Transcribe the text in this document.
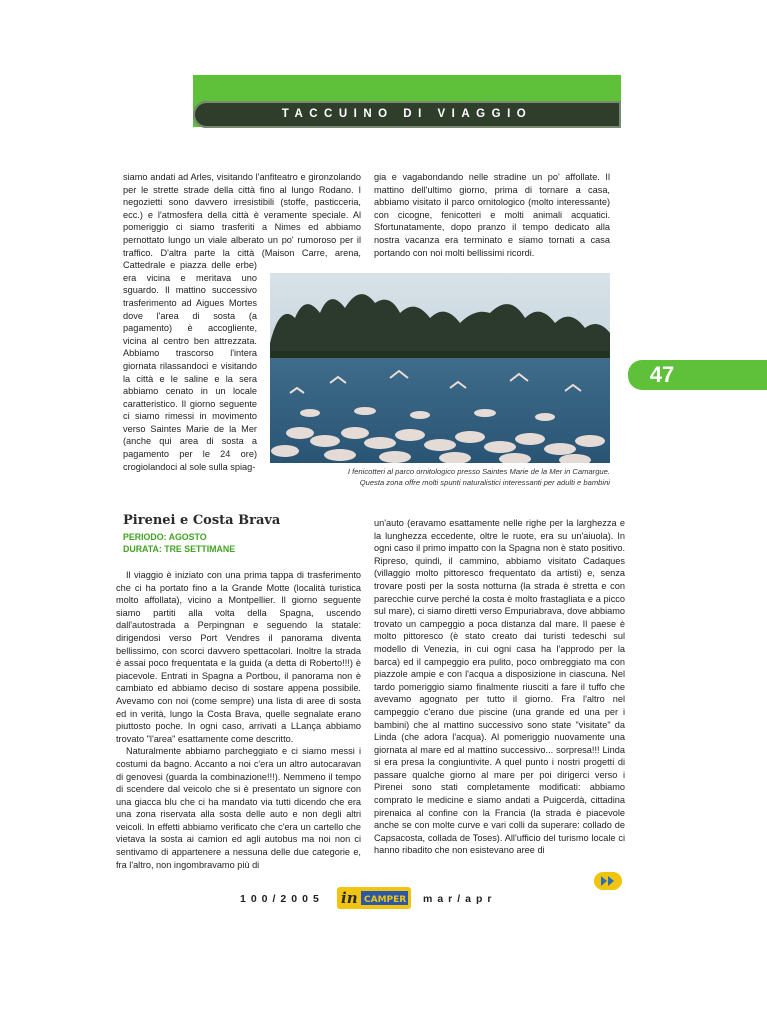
TACCUINO DI VIAGGIO
47

siamo andati ad Arles, visitando l'anfiteatro e gironzolando per le strette strade della città fino al lungo Rodano. I negozietti sono davvero irresistibili (stoffe, pasticceria, ecc.) e l'atmosfera della città è veramente speciale. Al pomeriggio ci siamo trasferiti a Nimes ed abbiamo pernottato lungo un viale alberato un po' rumoroso per il traffico. D'altra parte la città (Maison Carre, arena, Cattedrale e piazza delle erbe) era vicina e meritava uno sguardo. Il mattino successivo trasferimento ad Aigues Mortes dove l'area di sosta (a pagamento) è accogliente, vicina al centro ben attrezzata. Abbiamo trascorso l'intera giornata rilassandoci e visitando la città e le saline e la sera abbiamo cenato in un locale caratteristico. Il giorno seguente ci siamo rimessi in movimento verso Saintes Marie de la Mer (anche qui area di sosta a pagamento per le 24 ore) crogiolandoci al sole sulla spiag-

gia e vagabondando nelle stradine un po' affollate. Il mattino dell'ultimo giorno, prima di tornare a casa, abbiamo visitato il parco ornitologico (molto interessante) con cicogne, fenicotteri e molti animali acquatici. Sfortunatamente, dopo pranzo il tempo dedicato alla nostra vacanza era terminato e siamo tornati a casa portando con noi molti bellissimi ricordi.

I fenicotteri al parco ornitologico presso Saintes Marie de la Mer in Camargue.
Questa zona offre molti spunti naturalistici interessanti per adulti e bambini
Pirenei e Costa Brava
PERIODO: AGOSTO
DURATA: TRE SETTIMANE

Il viaggio è iniziato con una prima tappa di trasferimento che ci ha portato fino a la Grande Motte (località turistica molto affollata), vicino a Montpellier. Il giorno seguente siamo partiti alla volta della Spagna, uscendo dall'autostrada a Perpingnan e seguendo la statale: dirigendosi verso Port Vendres il panorama diventa bellissimo, con scorci davvero spettacolari. Inoltre la strada è assai poco frequentata e la guida (a detta di Roberto!!!) è piacevole. Entrati in Spagna a Portbou, il panorama non è cambiato ed abbiamo deciso di sostare appena possibile. Avevamo con noi (come sempre) una lista di aree di sosta ed in verità, lungo la Costa Brava, quelle segnalate erano piuttosto poche. In ogni caso, arrivati a LLança abbiamo trovato "l'area" esattamente come descritto.

Naturalmente abbiamo parcheggiato e ci siamo messi i costumi da bagno. Accanto a noi c'era un altro autocaravan di genovesi (guarda la combinazione!!!). Nemmeno il tempo di scendere dal veicolo che si è presentato un signore con una giacca blu che ci ha mandato via tutti dicendo che era una zona riservata alla sosta delle auto e non degli altri veicoli. In effetti abbiamo verificato che c'era un cartello che vietava la sosta ai camion ed agli autobus ma noi non ci sentivamo di appartenere a nessuna delle due categorie e, fra l'altro, non ingombravamo più di

un'auto (eravamo esattamente nelle righe per la larghezza e la lunghezza eccedente, oltre le ruote, era su un'aiuola). In ogni caso il primo impatto con la Spagna non è stato positivo. Ripreso, quindi, il cammino, abbiamo visitato Cadaques (villaggio molto pittoresco frequentato da artisti) e, senza trovare posti per la sosta notturna (la strada è stretta e con parecchie curve perché la costa è molto frastagliata e a picco sul mare), ci siamo diretti verso Empuriabrava, dove abbiamo trovato un campeggio a poca distanza dal mare. Il paese è molto pittoresco (è stato creato dai turisti tedeschi sul modello di Venezia, in cui ogni casa ha l'approdo per la barca) ed il campeggio era pulito, poco ombreggiato ma con piazzole ampie e con l'acqua a disposizione in ciascuna. Nel tardo pomeriggio siamo finalmente riusciti a fare il tuffo che avevamo agognato per tutto il giorno. Fra l'altro nel campeggio c'erano due piscine (una grande ed una per i bambini) che al mattino successivo sono state "visitate" da Linda (che adora l'acqua). Al pomeriggio nuovamente una giornata al mare ed al mattino successivo... sorpresa!!! Linda si era presa la congiuntivite. A quel punto i nostri progetti di passare qualche giorno al mare per poi dirigerci verso i Pirenei sono stati completamente modificati: abbiamo comprato le medicine e siamo andati a Puigcerdà, cittadina pirenaica al confine con la Francia (la strada è piacevole anche se con molte curve e vari colli da superare: collado de Capsacosta, collada de Toses). All'ufficio del turismo locale ci hanno ribadito che non esistevano aree di

100/2005 in CAMPER mar/apr
